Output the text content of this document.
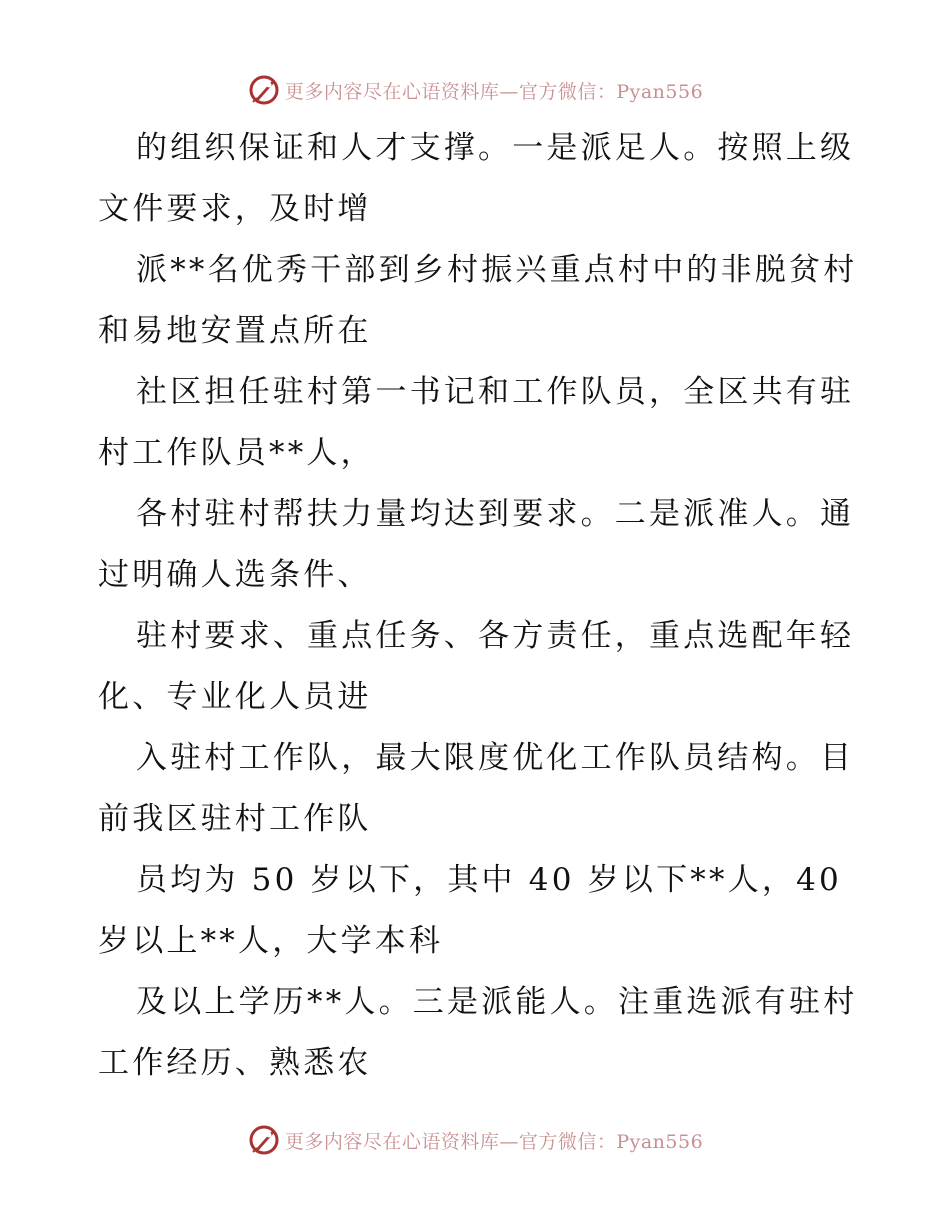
更多内容尽在心语资料库—官方微信：Pyan556

的组织保证和人才支撑。一是派足人。按照上级文件要求，及时增

派**名优秀干部到乡村振兴重点村中的非脱贫村和易地安置点所在

社区担任驻村第一书记和工作队员，全区共有驻村工作队员**人，

各村驻村帮扶力量均达到要求。二是派准人。通过明确人选条件、

驻村要求、重点任务、各方责任，重点选配年轻化、专业化人员进

入驻村工作队，最大限度优化工作队员结构。目前我区驻村工作队

员均为 50 岁以下，其中 40 岁以下**人，40 岁以上**人，大学本科

及以上学历**人。三是派能人。注重选派有驻村工作经历、熟悉农

更多内容尽在心语资料库—官方微信：Pyan556
